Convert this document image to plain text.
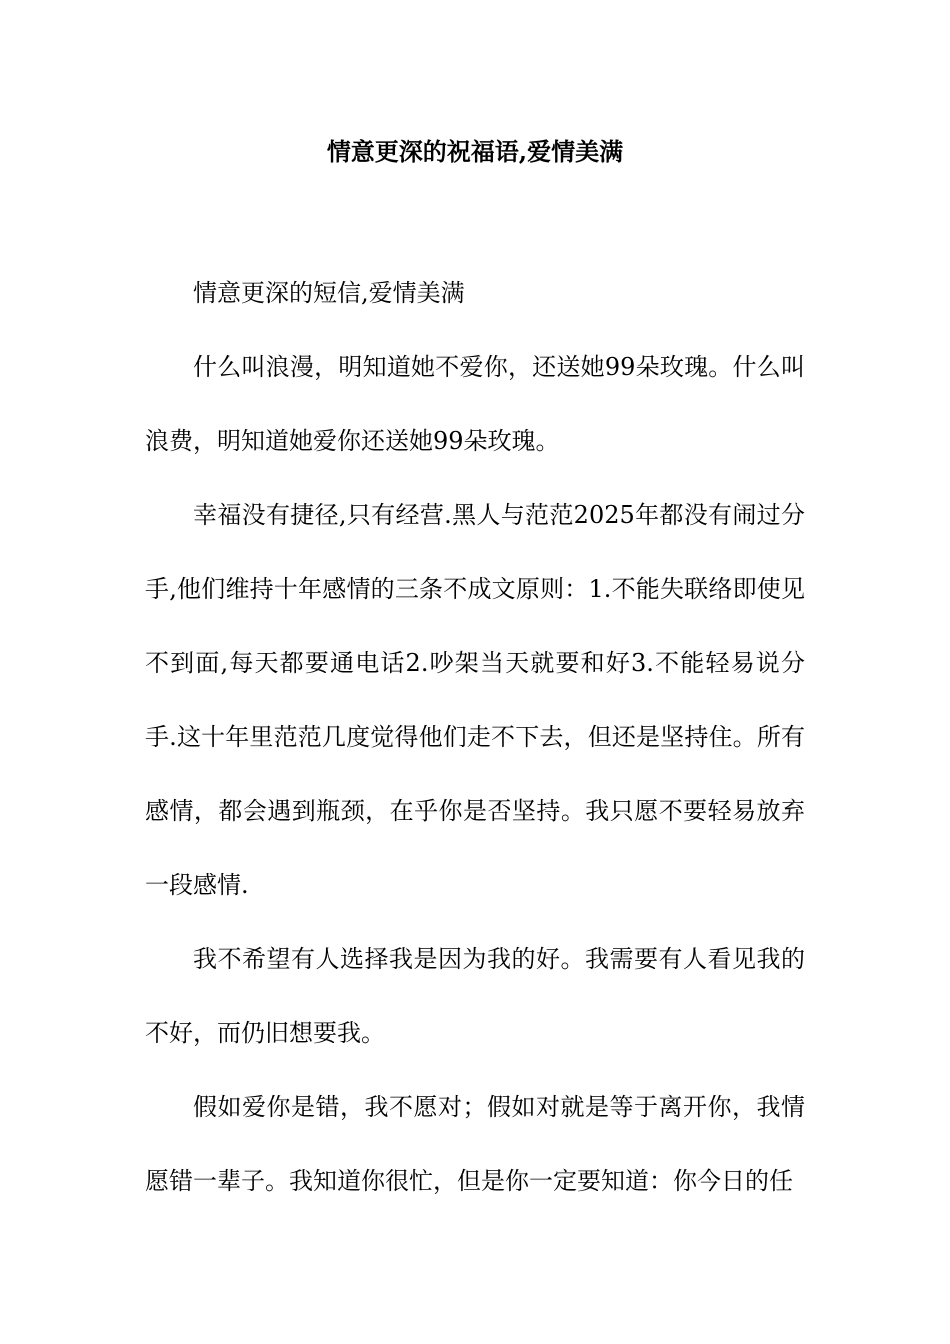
情意更深的祝福语,爱情美满

情意更深的短信,爱情美满

什么叫浪漫，明知道她不爱你，还送她99朵玫瑰。什么叫浪费，明知道她爱你还送她99朵玫瑰。

幸福没有捷径,只有经营.黑人与范范2025年都没有闹过分手,他们维持十年感情的三条不成文原则：1.不能失联络即使见不到面,每天都要通电话2.吵架当天就要和好3.不能轻易说分手.这十年里范范几度觉得他们走不下去，但还是坚持住。所有感情，都会遇到瓶颈，在乎你是否坚持。我只愿不要轻易放弃一段感情.

我不希望有人选择我是因为我的好。我需要有人看见我的不好，而仍旧想要我。

假如爱你是错，我不愿对；假如对就是等于离开你，我情愿错一辈子。我知道你很忙，但是你一定要知道：你今日的任
